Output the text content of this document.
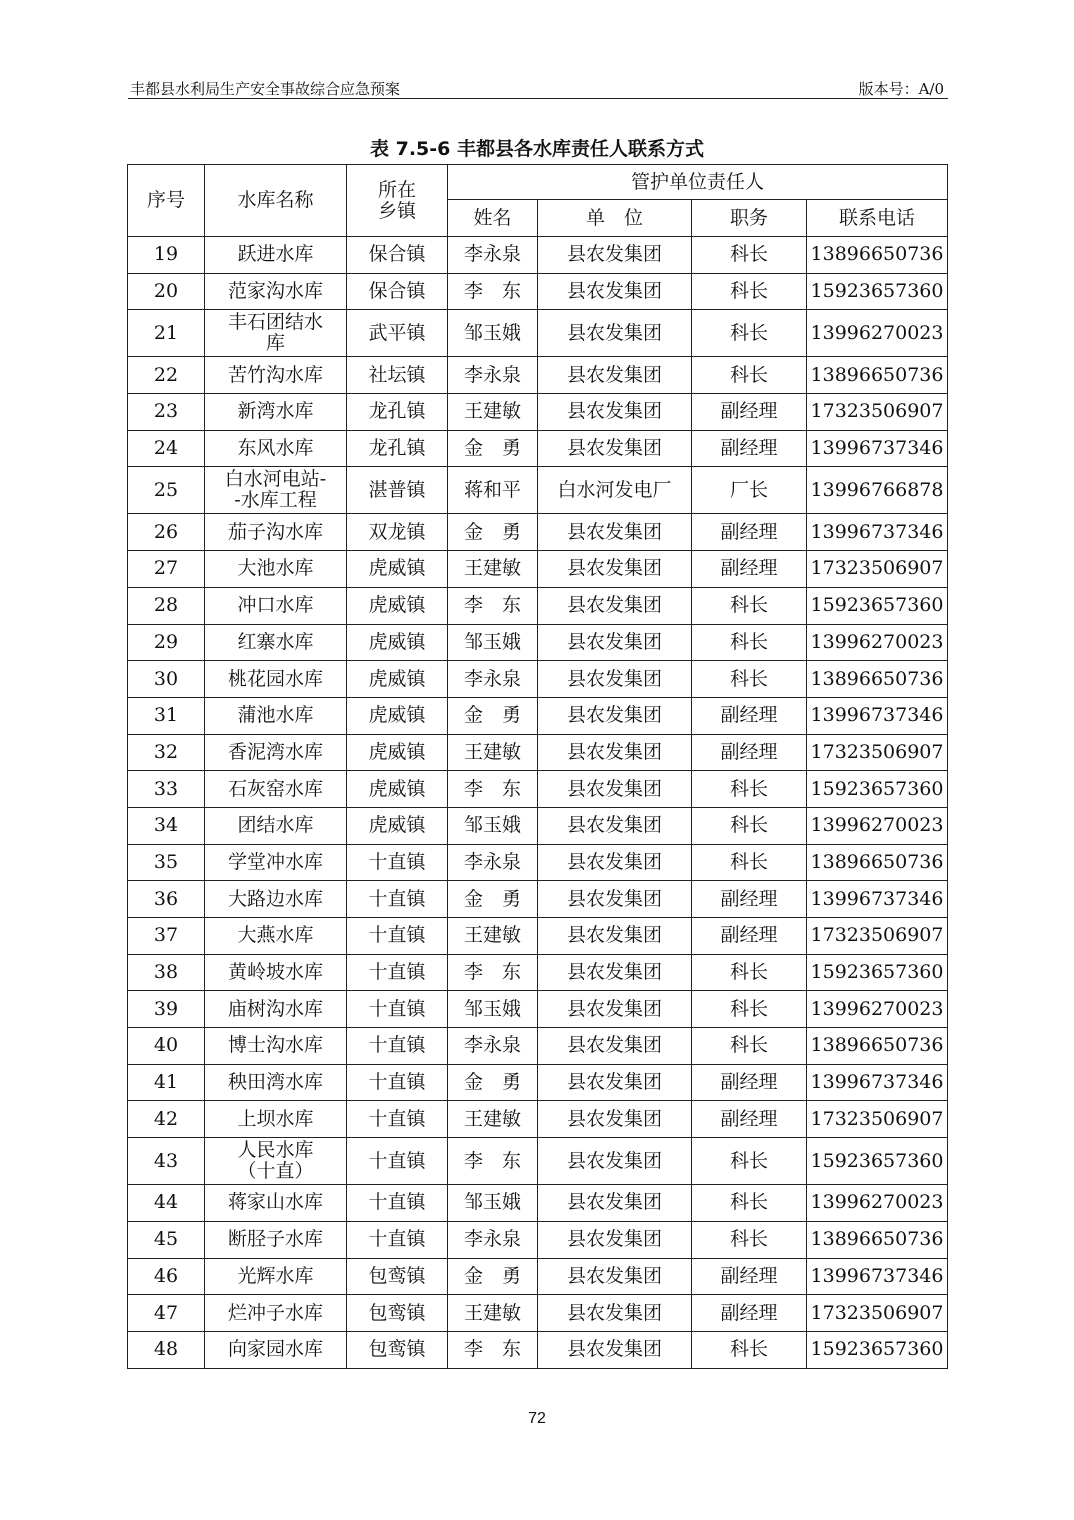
丰都县水利局生产安全事故综合应急预案	版本号：A/0
表 7.5-6 丰都县各水库责任人联系方式
序号	水库名称	所在
乡镇	管护单位责任人			
			姓名	单　位	职务	联系电话
19	跃进水库	保合镇	李永泉	县农发集团	科长	13896650736
20	范家沟水库	保合镇	李　东	县农发集团	科长	15923657360
21	丰石团结水
库	武平镇	邹玉娥	县农发集团	科长	13996270023
22	苦竹沟水库	社坛镇	李永泉	县农发集团	科长	13896650736
23	新湾水库	龙孔镇	王建敏	县农发集团	副经理	17323506907
24	东风水库	龙孔镇	金　勇	县农发集团	副经理	13996737346
25	白水河电站-
-水库工程	湛普镇	蒋和平	白水河发电厂	厂长	13996766878
26	茄子沟水库	双龙镇	金　勇	县农发集团	副经理	13996737346
27	大池水库	虎威镇	王建敏	县农发集团	副经理	17323506907
28	冲口水库	虎威镇	李　东	县农发集团	科长	15923657360
29	红寨水库	虎威镇	邹玉娥	县农发集团	科长	13996270023
30	桃花园水库	虎威镇	李永泉	县农发集团	科长	13896650736
31	蒲池水库	虎威镇	金　勇	县农发集团	副经理	13996737346
32	香泥湾水库	虎威镇	王建敏	县农发集团	副经理	17323506907
33	石灰窑水库	虎威镇	李　东	县农发集团	科长	15923657360
34	团结水库	虎威镇	邹玉娥	县农发集团	科长	13996270023
35	学堂冲水库	十直镇	李永泉	县农发集团	科长	13896650736
36	大路边水库	十直镇	金　勇	县农发集团	副经理	13996737346
37	大燕水库	十直镇	王建敏	县农发集团	副经理	17323506907
38	黄岭坡水库	十直镇	李　东	县农发集团	科长	15923657360
39	庙树沟水库	十直镇	邹玉娥	县农发集团	科长	13996270023
40	博士沟水库	十直镇	李永泉	县农发集团	科长	13896650736
41	秧田湾水库	十直镇	金　勇	县农发集团	副经理	13996737346
42	上坝水库	十直镇	王建敏	县农发集团	副经理	17323506907
43	人民水库
（十直）	十直镇	李　东	县农发集团	科长	15923657360
44	蒋家山水库	十直镇	邹玉娥	县农发集团	科长	13996270023
45	断胫子水库	十直镇	李永泉	县农发集团	科长	13896650736
46	光辉水库	包鸾镇	金　勇	县农发集团	副经理	13996737346
47	烂冲子水库	包鸾镇	王建敏	县农发集团	副经理	17323506907
48	向家园水库	包鸾镇	李　东	县农发集团	科长	15923657360
72
